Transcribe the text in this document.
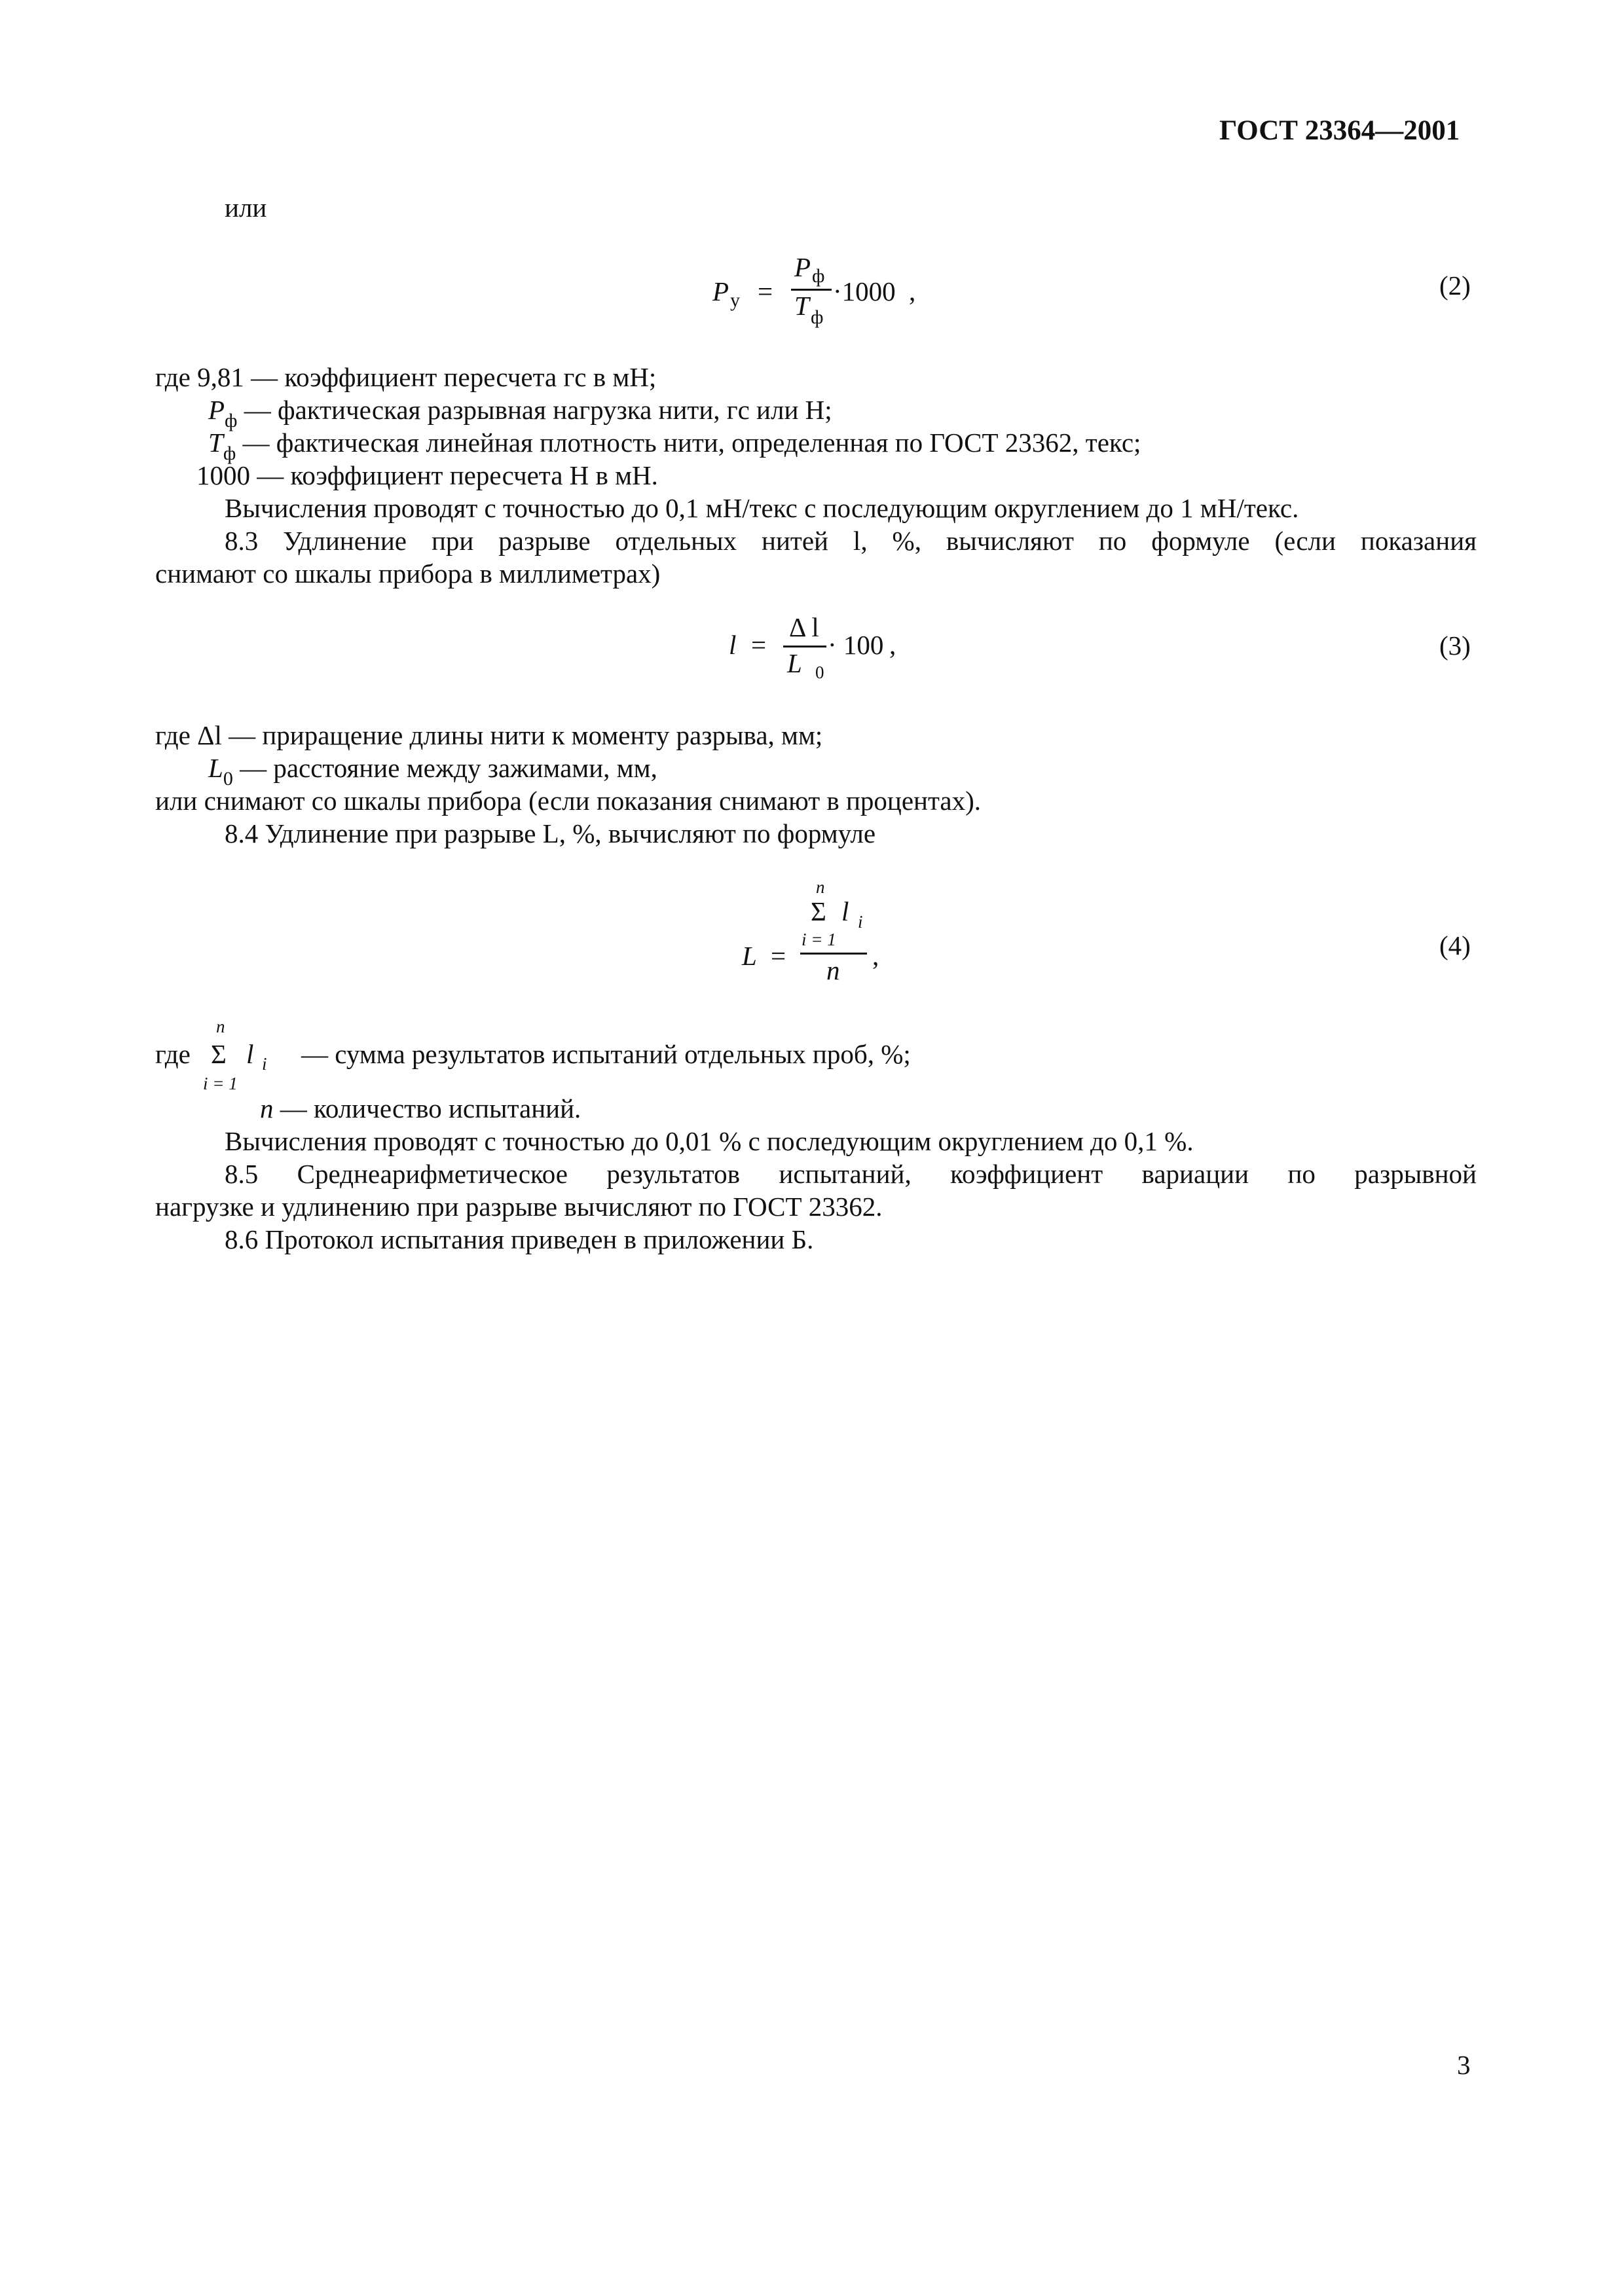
ГОСТ 23364—2001
или
P у =
P ф
T ф
·1000 ,	(2)
где 9,81 — коэффициент пересчета гс в мН;
$P_ф$ — фактическая разрывная нагрузка нити, гс или Н;
$T_ф$ — фактическая линейная плотность нити, определенная по ГОСТ 23362, текс;
1000 — коэффициент пересчета Н в мН.
Вычисления проводят с точностью до 0,1 мН/текс с последующим округлением до 1 мН/текс.
8.3 Удлинение при разрыве отдельных нитей l, %, вычисляют по формуле (если показания
снимают со шкалы прибора в миллиметрах)
l =
Δ l
L 0
· 100 ,	(3)
где Δl — приращение длины нити к моменту разрыва, мм;
$L_0$ — расстояние между зажимами, мм,
или снимают со шкалы прибора (если показания снимают в процентах).
8.4 Удлинение при разрыве L, %, вычисляют по формуле
n
Σ l i
i = 1
L = n ,	(4)
где
n
Σ l i
i = 1
— сумма результатов испытаний отдельных проб, %;
n — количество испытаний.
Вычисления проводят с точностью до 0,01 % с последующим округлением до 0,1 %.
8.5 Среднеарифметическое результатов испытаний, коэффициент вариации по разрывной
нагрузке и удлинению при разрыве вычисляют по ГОСТ 23362.
8.6 Протокол испытания приведен в приложении Б.
3
